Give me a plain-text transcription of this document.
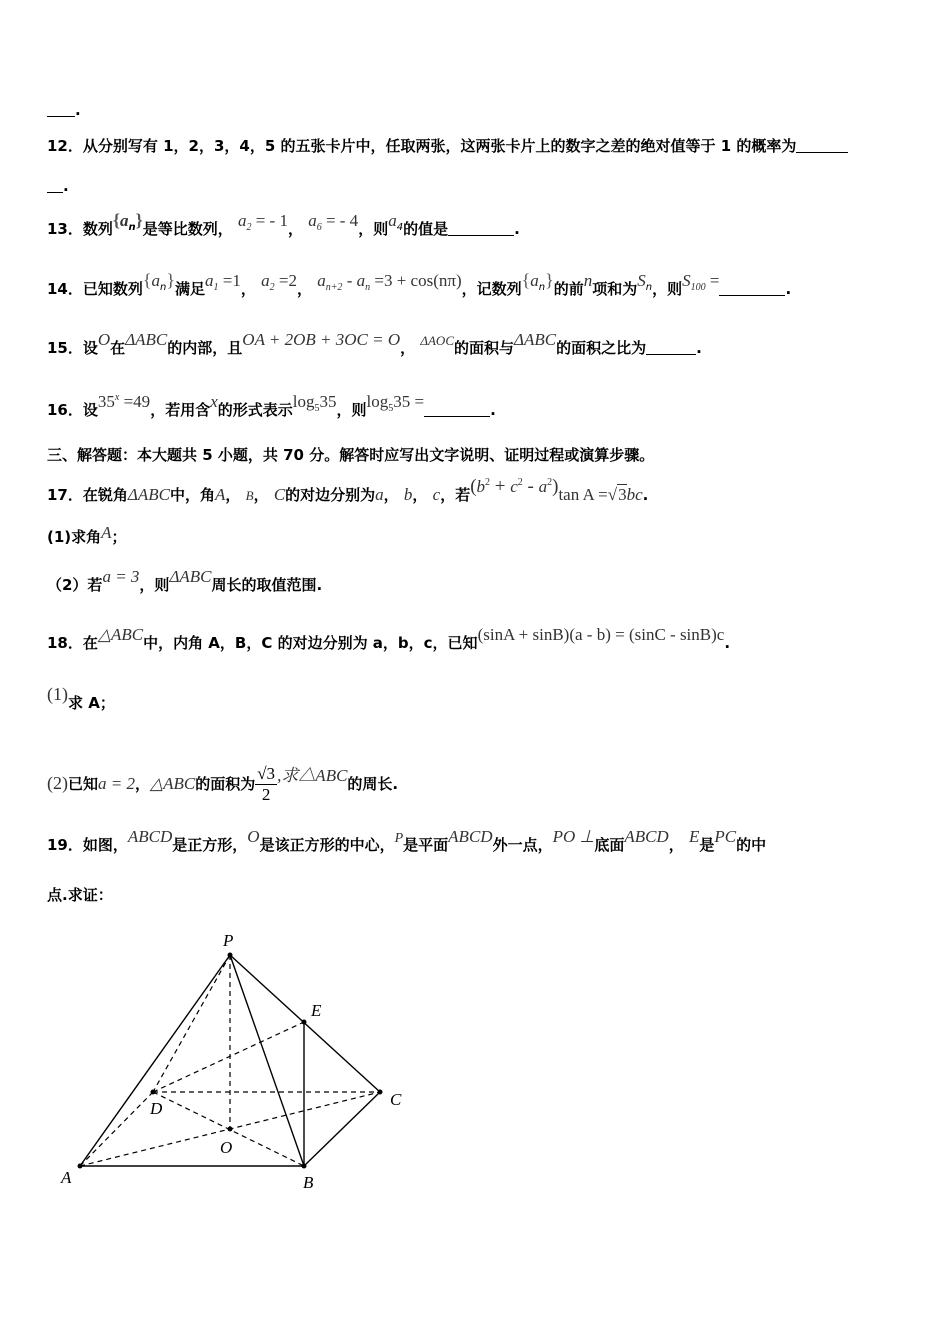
.
12．从分别写有 1，2，3，4，5 的五张卡片中，任取两张，这两张卡片上的数字之差的绝对值等于 1 的概率为
.
13．数列$\{a_n\}$是等比数列， $a_2$ = - 1， $a_6$ = - 4，则$a_4$的值是	.
14．已知数列$\{a_n\}$满足$a_1 =1$， $a_2 =2$， $a_{n+2} - a_n =3 + \cos(n\pi)$，记数列$\{a_n\}$的前n项和为$S_n$，则$S_{100}$ =	.
15．设O在ΔABC的内部，且OA + 2OB + 3OC = O， ΔAOC的面积与ΔABC的面积之比为	.
16．设$35^x =49$，若用含x的形式表示$\log_535$，则$\log_535$ =	.
三、解答题：本大题共 5 小题，共 70 分。解答时应写出文字说明、证明过程或演算步骤。
17．在锐角ΔABC中，角A， B， C的对边分别为a， b， c，若$(b^2 + c^2 - a^2)\tan$ A =√3bc.
(1)求角A；
（2）若a = 3，则ΔABC周长的取值范围.
18．在△ABC中，内角 A，B，C 的对边分别为 a，b，c，已知(sinA + sinB)(a - b) = (sinC - sinB)c.
(1)求 A；
(2)已知a = 2，△ABC的面积为 $\frac{√3}{2}$ ,求△ABC的周长.
19．如图，ABCD是正方形，O是该正方形的中心，P是平面ABCD外一点，PO ⊥底面ABCD， E是PC的中
点.求证：
P
E
C
D
O
A	B
